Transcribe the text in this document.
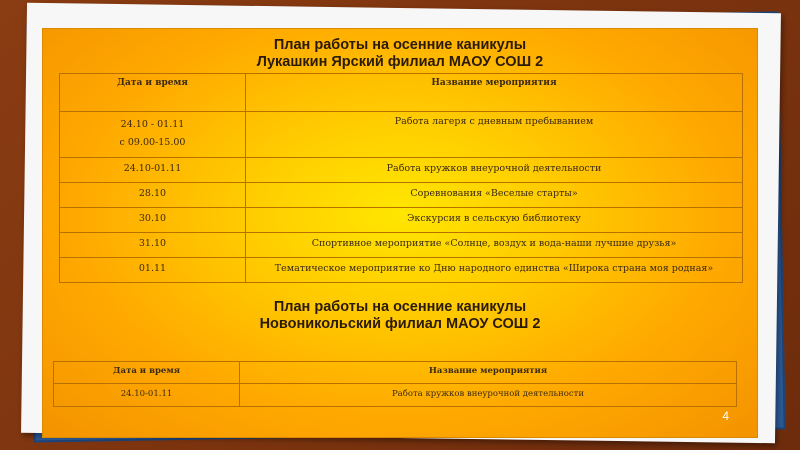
План работы на осенние каникулы
Лукашкин Ярский филиал МАОУ СОШ 2
Дата и время	Название мероприятия
24.10 - 01.11
с 09.00-15.00	Работа лагеря с дневным пребыванием
24.10-01.11	Работа кружков внеурочной деятельности
28.10	Соревнования «Веселые старты»
30.10	Экскурсия в сельскую библиотеку
31.10	Спортивное мероприятие «Солнце, воздух и вода-наши лучшие друзья»
01.11	Тематическое мероприятие ко Дню народного единства «Широка страна моя родная»
План работы на осенние каникулы
Новоникольский филиал МАОУ СОШ 2
Дата и время	Название мероприятия
24.10-01.11	Работа кружков внеурочной деятельности
4
